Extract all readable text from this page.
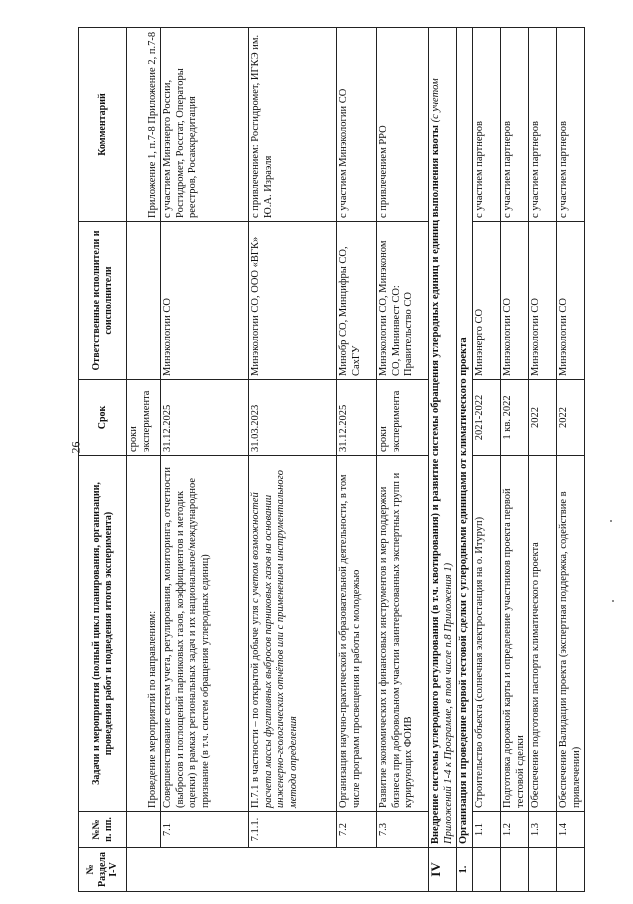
26
№ Раздела I-V	№№ п. пп.	Задачи и мероприятия (полный цикл планирования, организации, проведения работ и подведения итогов эксперимента)	Срок	Ответственные исполнители и соисполнители	Комментарий
		Проведение мероприятий по направлениям:	сроки эксперимента		Приложение 1, п.7-8 Приложение 2, п.7-8
	7.1	Совершенствование систем учета, регулирования, мониторинга, отчетности (выбросов и поглощений парниковых газов, коэффициентов и методик оценки) в рамках региональных задач и их национальное/международное признание (в т.ч. систем обращения углеродных единиц)	31.12.2025	Минэкологии СО	с участием Минэнерго России, Росгидромет, Росстат, Операторы реестров, Росаккредитация
	7.1.1.	П.7.1 в частности – по открытой добыче угля с учетом возможностей расчета массы фугитивных выбросов парниковых газов на основании инженерно-геологических отчётов или с применением инструментального метода определения	31.03.2023	Минэкологии СО, ООО «ВГК»	с привлечением: Росгидромет, ИГКЭ им. Ю.А. Израэля
	7.2	Организация научно-практической и образовательной деятельности, в том числе программ просвещения и работы с молодежью	31.12.2025	Минобр СО, Минцифры СО, СахГУ	с участием Минэкологии СО
	7.3	Развитие экономических и финансовых инструментов и мер поддержки бизнеса при добровольном участии заинтересованных экспертных групп и курирующих ФОИВ	сроки эксперимента	Минэкологии СО, Минэконом СО, Мининвест СО: Правительство СО	с привлечением РРО
IV	Внедрение системы углеродного регулирования (в т.ч. квотирования) и развитие системы обращения углеродных единиц и единиц выполнения квоты (с учетом Приложений 1-4 к Программе, в том числе п.8 Приложения 1)				
1.	Организация и проведение первой тестовой сделки с углеродными единицами от климатического проекта				
	1.1	Строительство объекта (солнечная электростанция на о. Итуруп)	2021-2022	Минэнерго СО	с участием партнеров
	1.2	Подготовка дорожной карты и определение участников проекта первой тестовой сделки	1 кв. 2022	Минэкологии СО	с участием партнеров
	1.3	Обеспечение подготовки паспорта климатического проекта	2022	Минэкологии СО	с участием партнеров
	1.4	Обеспечение Валидации проекта (экспертная поддержка, содействие в привлечении)	2022	Минэкологии СО	с участием партнеров
